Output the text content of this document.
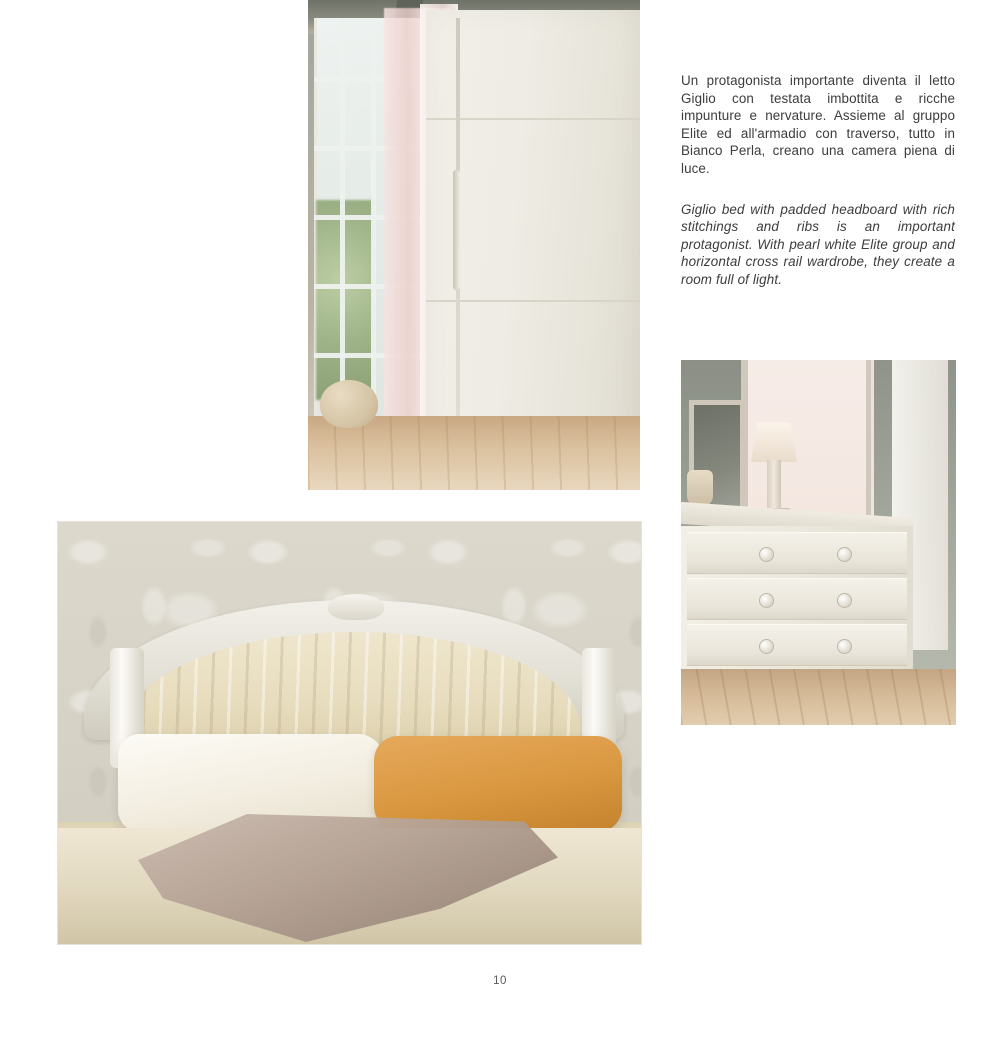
Un protagonista importante diventa il letto Giglio con testata imbottita e ricche impunture e nervature. Assieme al gruppo Elite ed all'armadio con traverso, tutto in Bianco Perla, creano una camera piena di luce.

Giglio bed with padded headboard with rich stitchings and ribs is an important protagonist. With pearl white Elite group and horizontal cross rail wardrobe, they create a room full of light.

10
